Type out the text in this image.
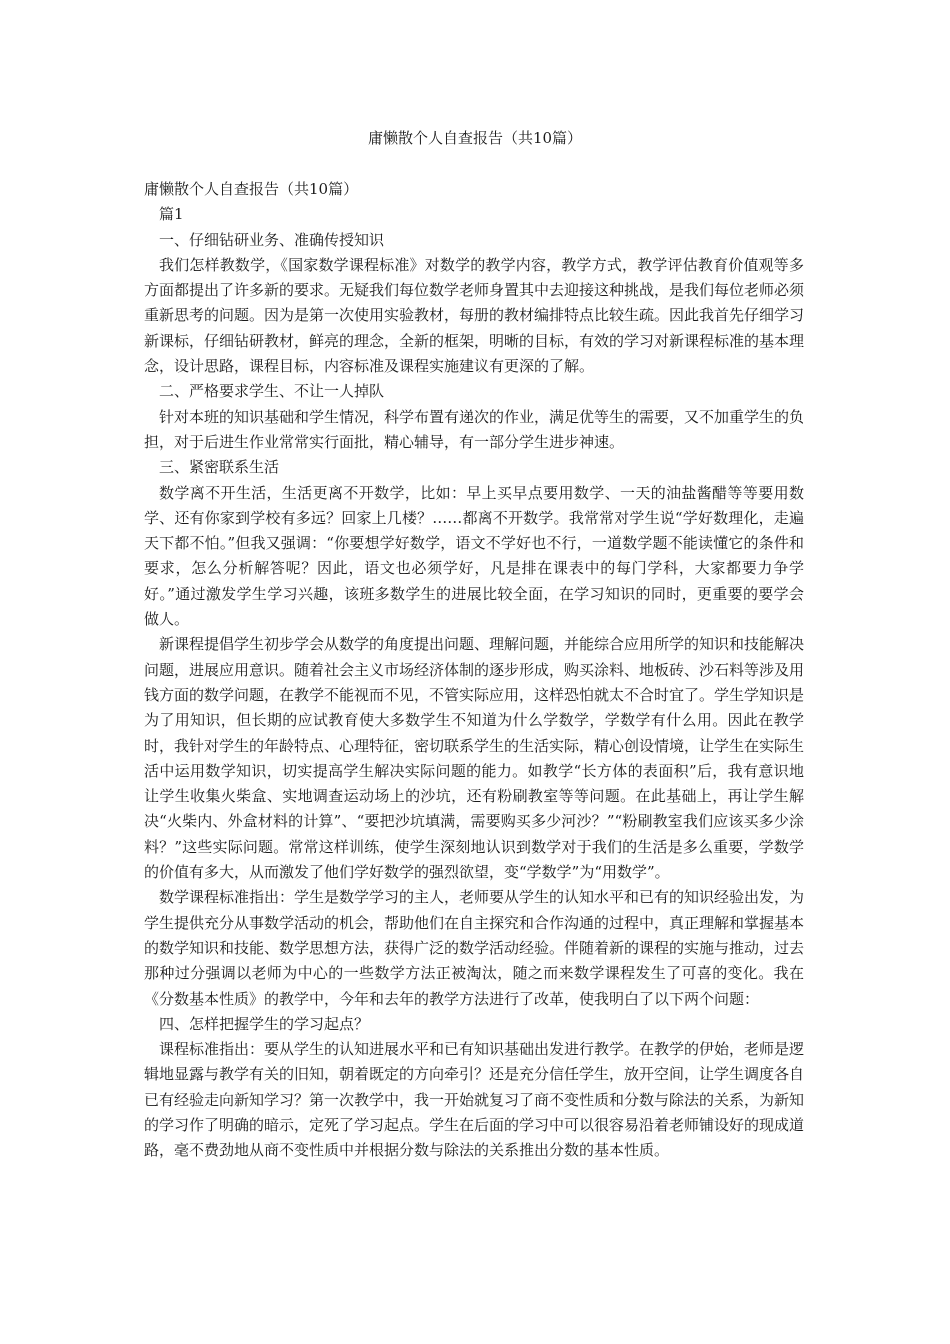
庸懒散个人自查报告（共10篇）

庸懒散个人自查报告（共10篇）

篇1

一、仔细钻研业务、准确传授知识

我们怎样教数学，《国家数学课程标准》对数学的教学内容，教学方式，教学评估教育价值观等多方面都提出了许多新的要求。无疑我们每位数学老师身置其中去迎接这种挑战，是我们每位老师必须重新思考的问题。因为是第一次使用实验教材，每册的教材编排特点比较生疏。因此我首先仔细学习新课标，仔细钻研教材，鲜亮的理念，全新的框架，明晰的目标，有效的学习对新课程标准的基本理念，设计思路，课程目标，内容标准及课程实施建议有更深的了解。

二、严格要求学生、不让一人掉队

针对本班的知识基础和学生情况，科学布置有递次的作业，满足优等生的需要，又不加重学生的负担，对于后进生作业常常实行面批，精心辅导，有一部分学生进步神速。

三、紧密联系生活

数学离不开生活，生活更离不开数学，比如：早上买早点要用数学、一天的油盐酱醋等等要用数学、还有你家到学校有多远？回家上几楼？……都离不开数学。我常常对学生说“学好数理化，走遍天下都不怕。”但我又强调：“你要想学好数学，语文不学好也不行，一道数学题不能读懂它的条件和要求，怎么分析解答呢？因此，语文也必须学好，凡是排在课表中的每门学科，大家都要力争学好。”通过激发学生学习兴趣，该班多数学生的进展比较全面，在学习知识的同时，更重要的要学会做人。

新课程提倡学生初步学会从数学的角度提出问题、理解问题，并能综合应用所学的知识和技能解决问题，进展应用意识。随着社会主义市场经济体制的逐步形成，购买涂料、地板砖、沙石料等涉及用钱方面的数学问题，在教学不能视而不见，不管实际应用，这样恐怕就太不合时宜了。学生学知识是为了用知识，但长期的应试教育使大多数学生不知道为什么学数学，学数学有什么用。因此在教学时，我针对学生的年龄特点、心理特征，密切联系学生的生活实际，精心创设情境，让学生在实际生活中运用数学知识，切实提高学生解决实际问题的能力。如教学“长方体的表面积”后，我有意识地让学生收集火柴盒、实地调查运动场上的沙坑，还有粉刷教室等等问题。在此基础上，再让学生解决“火柴内、外盒材料的计算”、“要把沙坑填满，需要购买多少河沙？”“粉刷教室我们应该买多少涂料？”这些实际问题。常常这样训练，使学生深刻地认识到数学对于我们的生活是多么重要，学数学的价值有多大，从而激发了他们学好数学的强烈欲望，变“学数学”为“用数学”。

数学课程标准指出：学生是数学学习的主人，老师要从学生的认知水平和已有的知识经验出发，为学生提供充分从事数学活动的机会，帮助他们在自主探究和合作沟通的过程中，真正理解和掌握基本的数学知识和技能、数学思想方法，获得广泛的数学活动经验。伴随着新的课程的实施与推动，过去那种过分强调以老师为中心的一些数学方法正被淘汰，随之而来数学课程发生了可喜的变化。我在《分数基本性质》的教学中，今年和去年的教学方法进行了改革，使我明白了以下两个问题：

四、怎样把握学生的学习起点？

课程标准指出：要从学生的认知进展水平和已有知识基础出发进行教学。在教学的伊始，老师是逻辑地显露与教学有关的旧知，朝着既定的方向牵引？还是充分信任学生，放开空间，让学生调度各自已有经验走向新知学习？第一次教学中，我一开始就复习了商不变性质和分数与除法的关系，为新知的学习作了明确的暗示，定死了学习起点。学生在后面的学习中可以很容易沿着老师铺设好的现成道路，毫不费劲地从商不变性质中并根据分数与除法的关系推出分数的基本性质。
